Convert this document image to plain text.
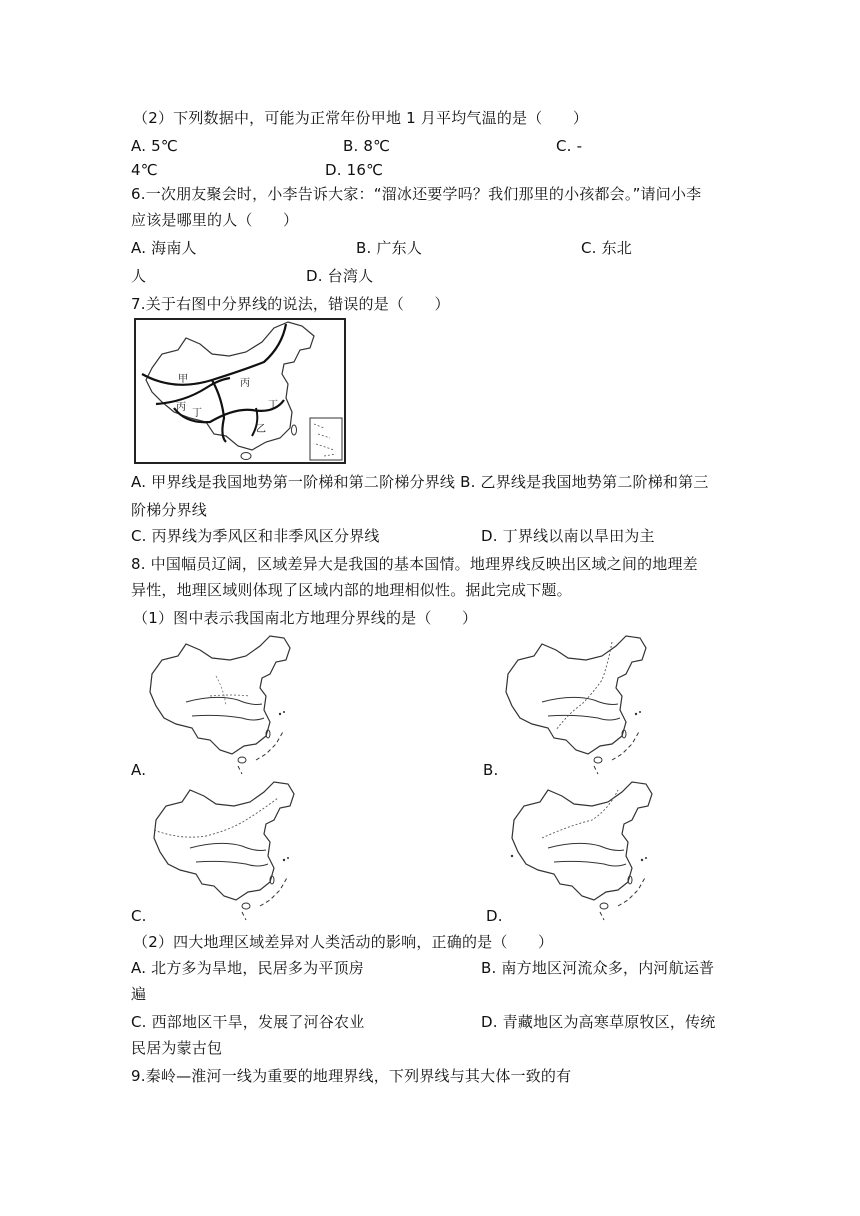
（2）下列数据中，可能为正常年份甲地 1 月平均气温的是（　　）
A. 5℃	B. 8℃	C. -
4℃	D. 16℃
6.一次朋友聚会时，小李告诉大家：“溜冰还要学吗？我们那里的小孩都会。”请问小李
应该是哪里的人（　　）
A. 海南人	B. 广东人	C. 东北
人	D. 台湾人
7.关于右图中分界线的说法，错误的是（　　）
甲	丙
丙
丁
丁
乙
A. 甲界线是我国地势第一阶梯和第二阶梯分界线 B. 乙界线是我国地势第二阶梯和第三
阶梯分界线
C. 丙界线为季风区和非季风区分界线	D. 丁界线以南以旱田为主
8. 中国幅员辽阔，区域差异大是我国的基本国情。地理界线反映出区域之间的地理差
异性，地理区域则体现了区域内部的地理相似性。据此完成下题。
（1）图中表示我国南北方地理分界线的是（　　）
A.	B.
C.	D.
（2）四大地理区域差异对人类活动的影响，正确的是（　　）
A. 北方多为旱地，民居多为平顶房	B. 南方地区河流众多，内河航运普
遍
C. 西部地区干旱，发展了河谷农业	D. 青藏地区为高寒草原牧区，传统
民居为蒙古包
9.秦岭—淮河一线为重要的地理界线，下列界线与其大体一致的有
